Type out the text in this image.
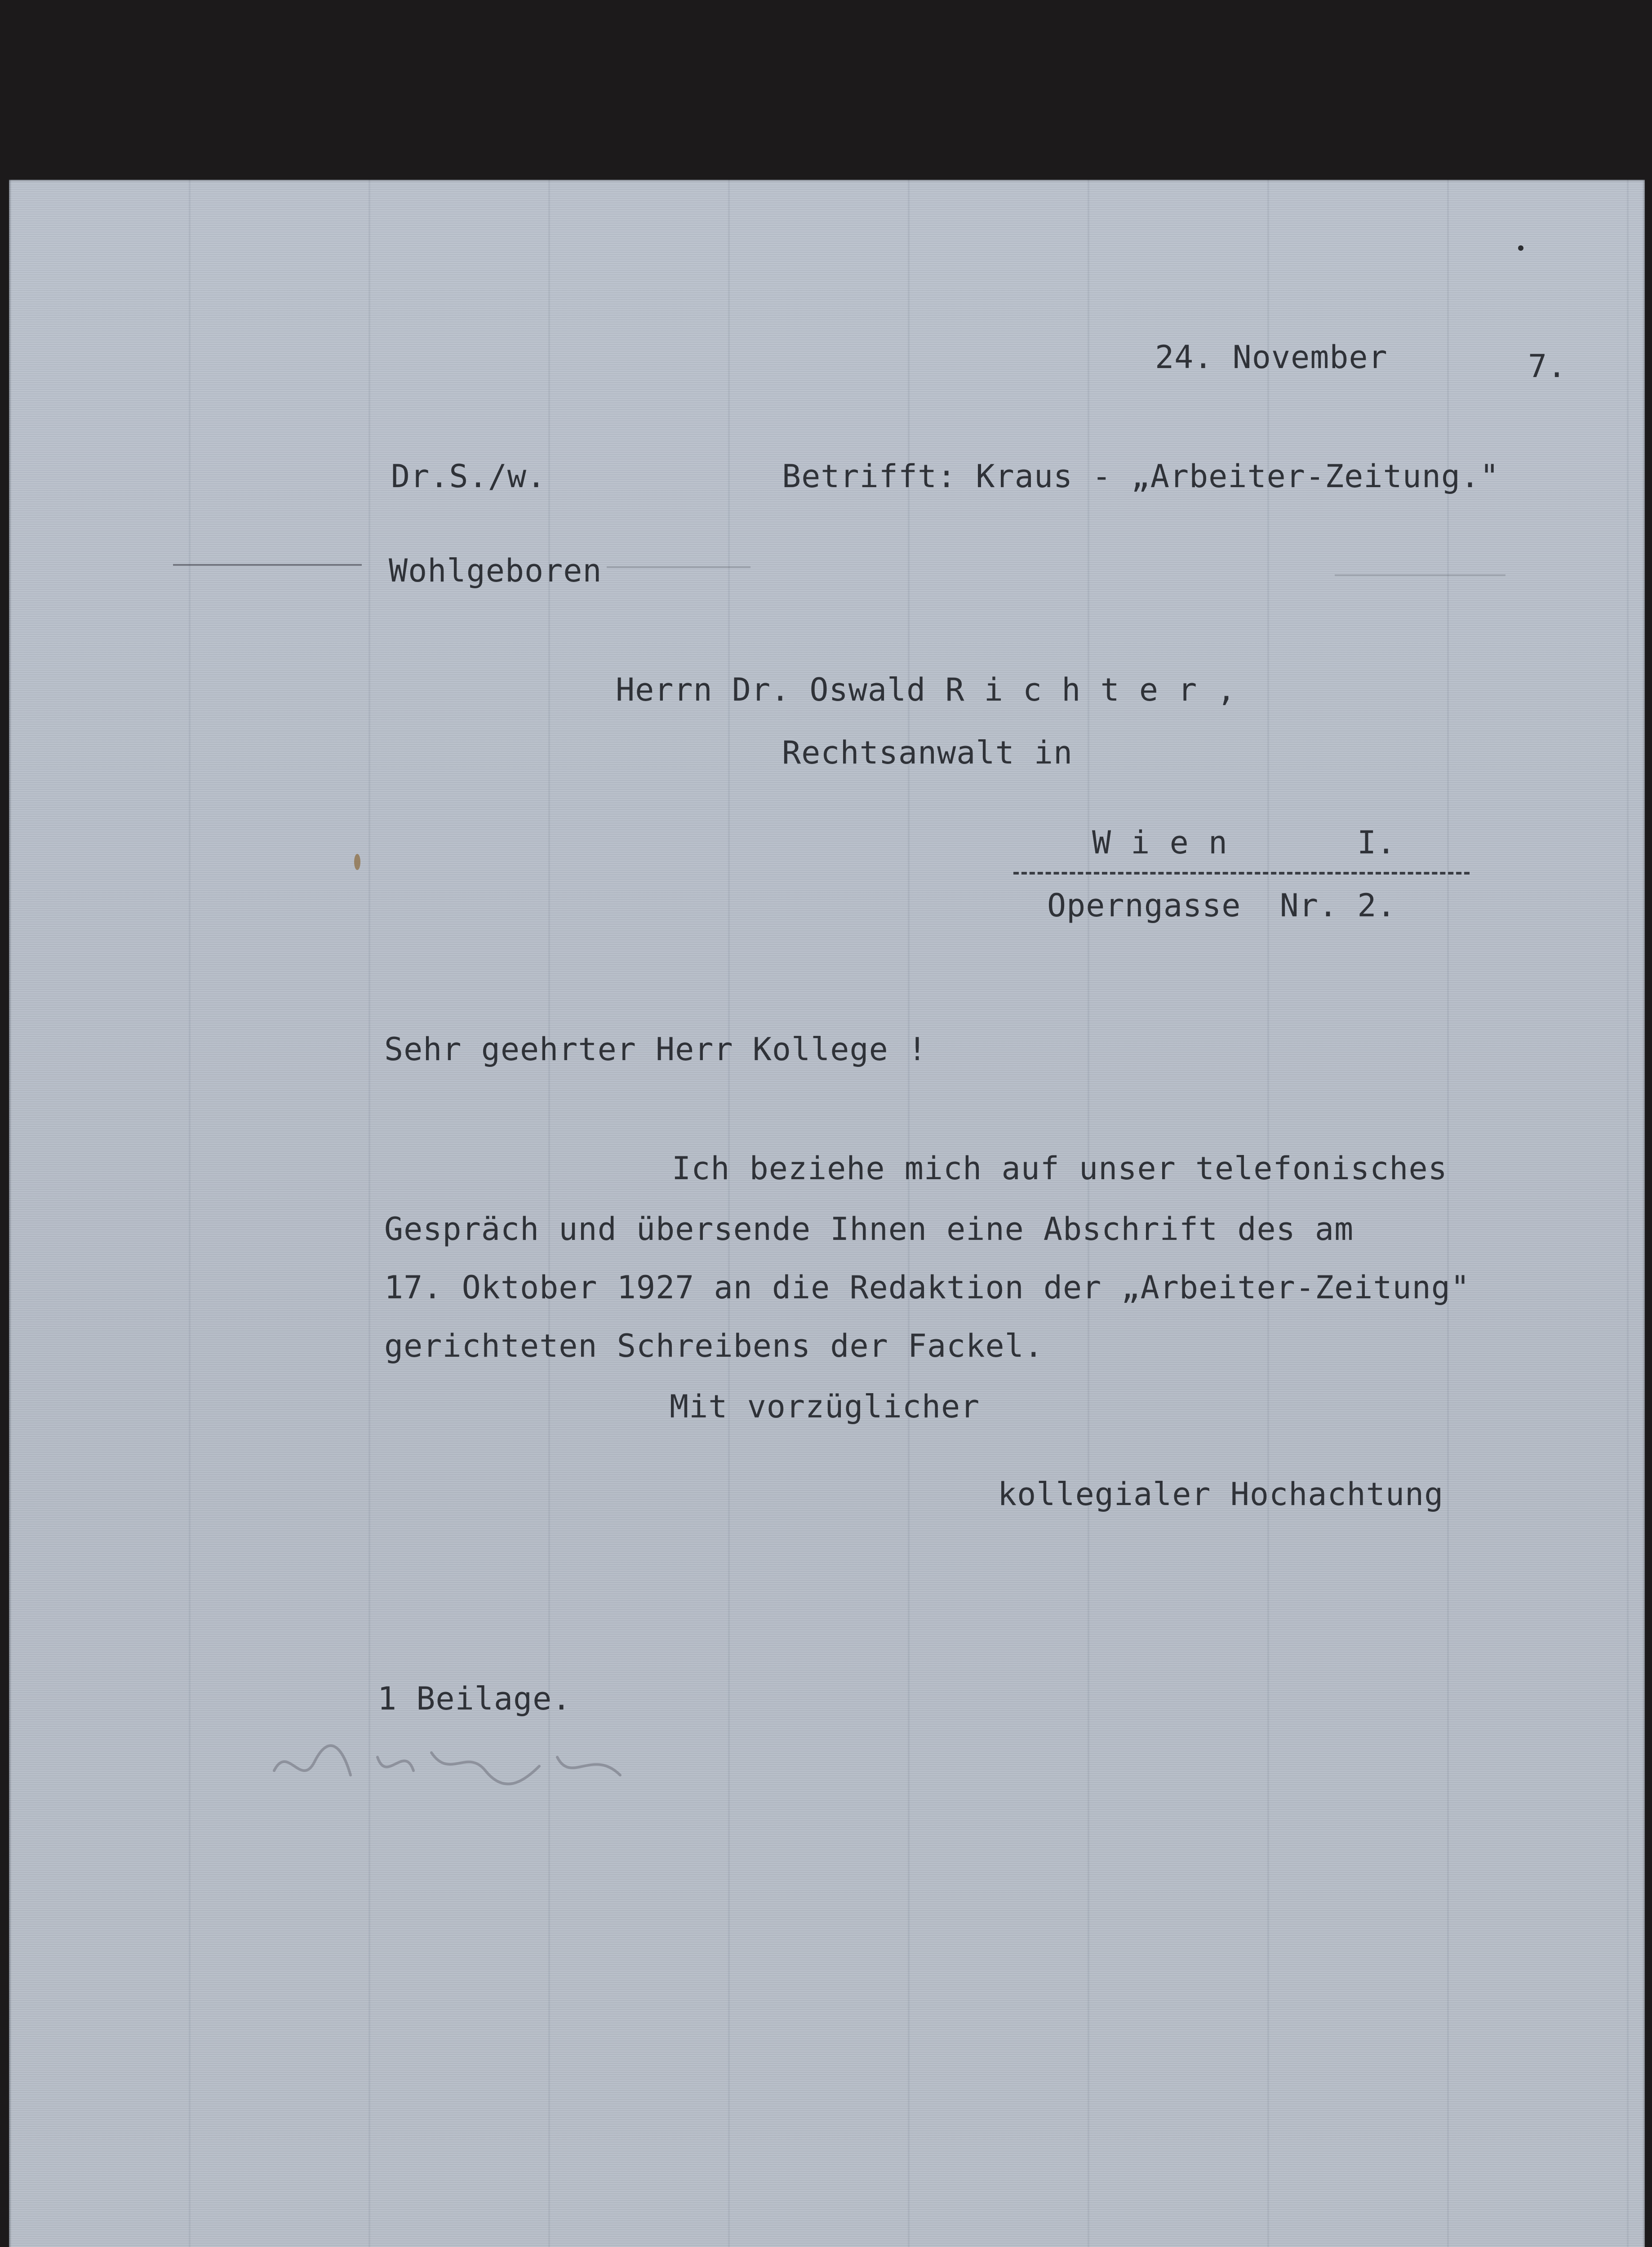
24. November	7.
Dr.S./w.	Betrifft: Kraus - „Arbeiter-Zeitung."
Wohlgeboren
Herrn Dr. Oswald R i c h t e r ,
Rechtsanwalt in
W i e n	I.
Operngasse  Nr. 2.
Sehr geehrter Herr Kollege !
Ich beziehe mich auf unser telefonisches
Gespräch und übersende Ihnen eine Abschrift des am
17. Oktober 1927 an die Redaktion der „Arbeiter-Zeitung"
gerichteten Schreibens der Fackel.
Mit vorzüglicher
kollegialer Hochachtung
1 Beilage.
